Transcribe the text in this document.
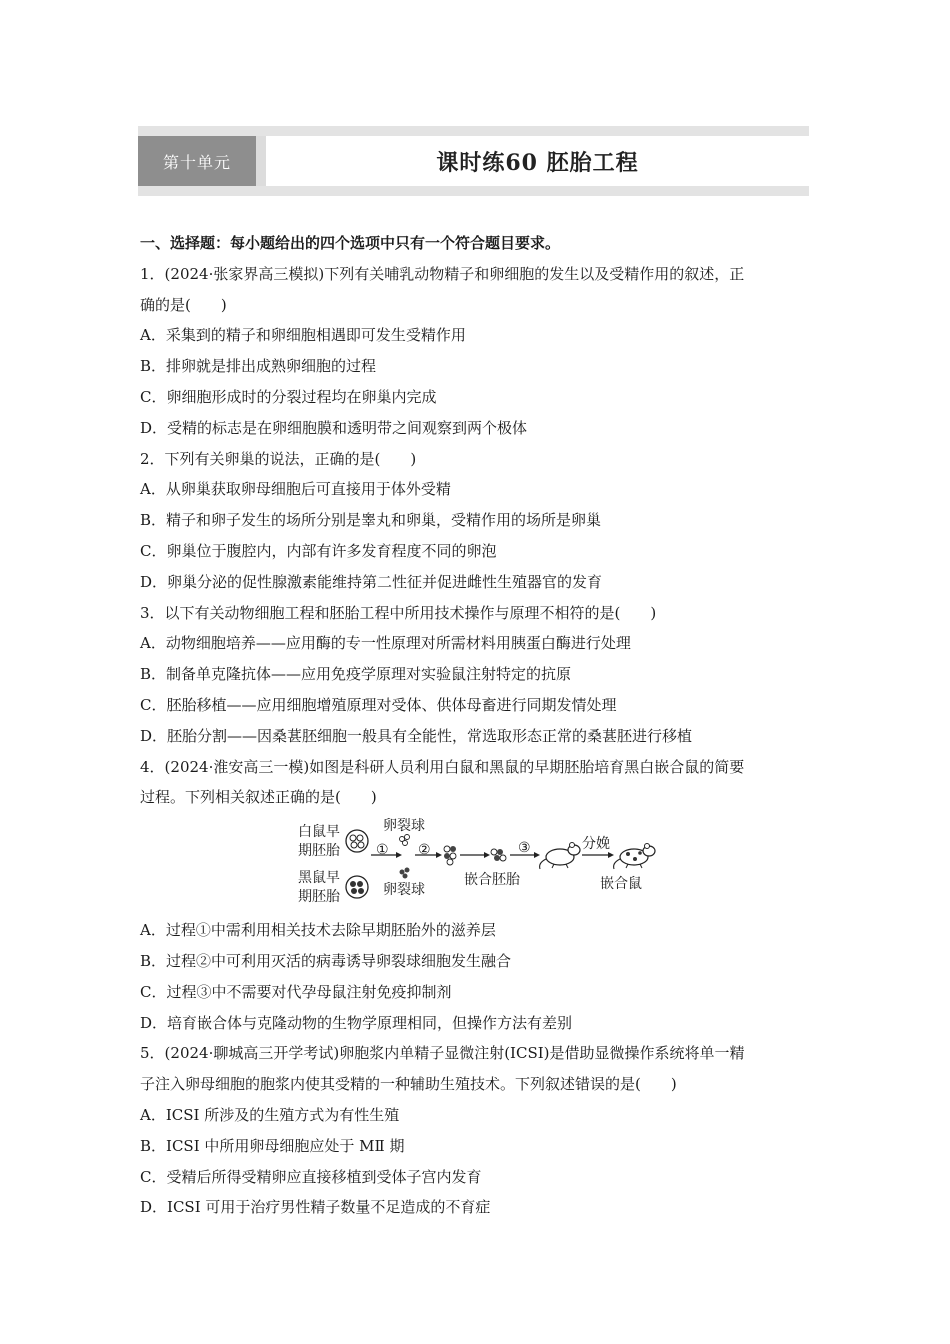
第十单元	课时练60 胚胎工程
一、选择题：每小题给出的四个选项中只有一个符合题目要求。
1．(2024·张家界高三模拟)下列有关哺乳动物精子和卵细胞的发生以及受精作用的叙述，正
确的是(　　)
A．采集到的精子和卵细胞相遇即可发生受精作用
B．排卵就是排出成熟卵细胞的过程
C．卵细胞形成时的分裂过程均在卵巢内完成
D．受精的标志是在卵细胞膜和透明带之间观察到两个极体
2．下列有关卵巢的说法，正确的是(　　)
A．从卵巢获取卵母细胞后可直接用于体外受精
B．精子和卵子发生的场所分别是睾丸和卵巢，受精作用的场所是卵巢
C．卵巢位于腹腔内，内部有许多发育程度不同的卵泡
D．卵巢分泌的促性腺激素能维持第二性征并促进雌性生殖器官的发育
3．以下有关动物细胞工程和胚胎工程中所用技术操作与原理不相符的是(　　)
A．动物细胞培养——应用酶的专一性原理对所需材料用胰蛋白酶进行处理
B．制备单克隆抗体——应用免疫学原理对实验鼠注射特定的抗原
C．胚胎移植——应用细胞增殖原理对受体、供体母畜进行同期发情处理
D．胚胎分割——因桑葚胚细胞一般具有全能性，常选取形态正常的桑葚胚进行移植
4．(2024·淮安高三一模)如图是科研人员利用白鼠和黑鼠的早期胚胎培育黑白嵌合鼠的简要
过程。下列相关叙述正确的是(　　)
白鼠早
期胚胎
黑鼠早
期胚胎
卵裂球
① ②
卵裂球
嵌合胚胎
③	分娩
嵌合鼠
A．过程①中需利用相关技术去除早期胚胎外的滋养层
B．过程②中可利用灭活的病毒诱导卵裂球细胞发生融合
C．过程③中不需要对代孕母鼠注射免疫抑制剂
D．培育嵌合体与克隆动物的生物学原理相同，但操作方法有差别
5．(2024·聊城高三开学考试)卵胞浆内单精子显微注射(ICSI)是借助显微操作系统将单一精
子注入卵母细胞的胞浆内使其受精的一种辅助生殖技术。下列叙述错误的是(　　)
A．ICSI 所涉及的生殖方式为有性生殖
B．ICSI 中所用卵母细胞应处于 MⅡ 期
C．受精后所得受精卵应直接移植到受体子宫内发育
D．ICSI 可用于治疗男性精子数量不足造成的不育症
